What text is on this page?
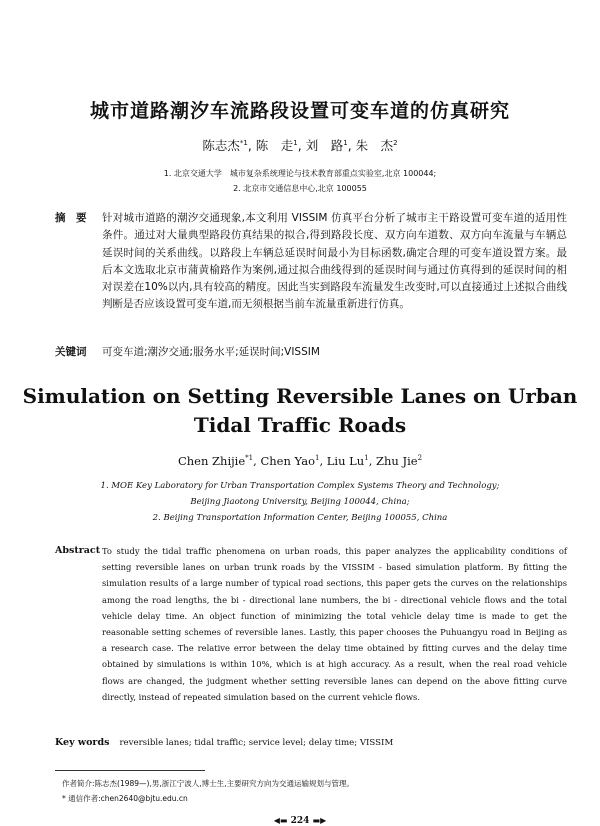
城市道路潮汐车流路段设置可变车道的仿真研究
陈志杰$^{*1}$, 陈　走$^1$, 刘　路$^1$, 朱　杰$^2$
1. 北京交通大学　城市复杂系统理论与技术教育部重点实验室,北京 100044;
2. 北京市交通信息中心,北京 100055
摘　要 针对城市道路的潮汐交通现象,本文利用 VISSIM 仿真平台分析了城市主干路设置可变车道的适用性条件。通过对大量典型路段仿真结果的拟合,得到路段长度、双方向车道数、双方向车流量与车辆总延误时间的关系曲线。以路段上车辆总延误时间最小为目标函数,确定合理的可变车道设置方案。最后本文选取北京市蒲黄榆路作为案例,通过拟合曲线得到的延误时间与通过仿真得到的延误时间的相对误差在10%以内,具有较高的精度。因此当实到路段车流量发生改变时,可以直接通过上述拟合曲线判断是否应该设置可变车道,而无须根据当前车流量重新进行仿真。
关键词 可变车道;潮汐交通;服务水平;延误时间;VISSIM
Simulation on Setting Reversible Lanes on Urban
Tidal Traffic Roads
Chen Zhijie$^{*1}$, Chen Yao$^1$, Liu Lu$^1$, Zhu Jie$^2$
1. MOE Key Laboratory for Urban Transportation Complex Systems Theory and Technology;
Beijing Jiaotong University, Beijing 100044, China;
2. Beijing Transportation Information Center, Beijing 100055, China
Abstract To study the tidal traffic phenomena on urban roads, this paper analyzes the applicability conditions of setting reversible lanes on urban trunk roads by the VISSIM - based simulation platform. By fitting the simulation results of a large number of typical road sections, this paper gets the curves on the relationships among the road lengths, the bi - directional lane numbers, the bi - directional vehicle flows and the total vehicle delay time. An object function of minimizing the total vehicle delay time is made to get the reasonable setting schemes of reversible lanes. Lastly, this paper chooses the Puhuangyu road in Beijing as a research case. The relative error between the delay time obtained by fitting curves and the delay time obtained by simulations is within 10%, which is at high accuracy. As a result, when the real road vehicle flows are changed, the judgment whether setting reversible lanes can depend on the above fitting curve directly, instead of repeated simulation based on the current vehicle flows.
Key words reversible lanes; tidal traffic; service level; delay time; VISSIM
作者简介:陈志杰(1989—),男,浙江宁波人,博士生,主要研究方向为交通运输规划与管理。
* 通信作者:chen2640@bjtu.edu.cn
◀▬ 224 ▬▶
